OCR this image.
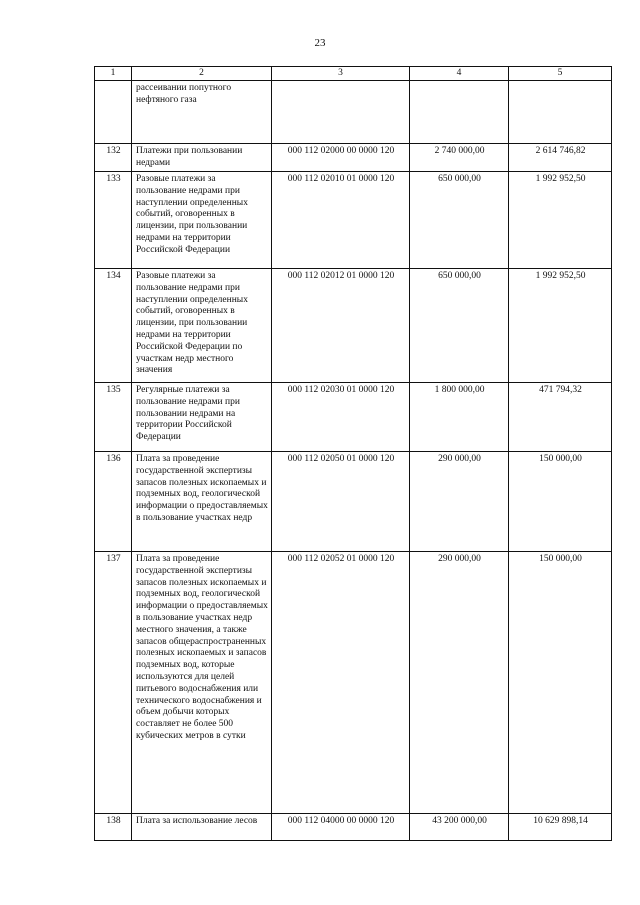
23
1	2	3	4	5
	рассеивании попутного нефтяного газа			
132	Платежи при пользовании недрами	000 112 02000 00 0000 120	2 740 000,00	2 614 746,82
133	Разовые платежи за пользование недрами при наступлении определенных событий, оговоренных в лицензии, при пользовании недрами на территории Российской Федерации	000 112 02010 01 0000 120	650 000,00	1 992 952,50
134	Разовые платежи за пользование недрами при наступлении определенных событий, оговоренных в лицензии, при пользовании недрами на территории Российской Федерации по участкам недр местного значения	000 112 02012 01 0000 120	650 000,00	1 992 952,50
135	Регулярные платежи за пользование недрами при пользовании недрами на территории Российской Федерации	000 112 02030 01 0000 120	1 800 000,00	471 794,32
136	Плата за проведение государственной экспертизы запасов полезных ископаемых и подземных вод, геологической информации о предоставляемых в пользование участках недр	000 112 02050 01 0000 120	290 000,00	150 000,00
137	Плата за проведение государственной экспертизы запасов полезных ископаемых и подземных вод, геологической информации о предоставляемых в пользование участках недр местного значения, а также запасов общераспространенных полезных ископаемых и запасов подземных вод, которые используются для целей питьевого водоснабжения или технического водоснабжения и объем добычи которых составляет не более 500 кубических метров в сутки	000 112 02052 01 0000 120	290 000,00	150 000,00
138	Плата за использование лесов	000 112 04000 00 0000 120	43 200 000,00	10 629 898,14
